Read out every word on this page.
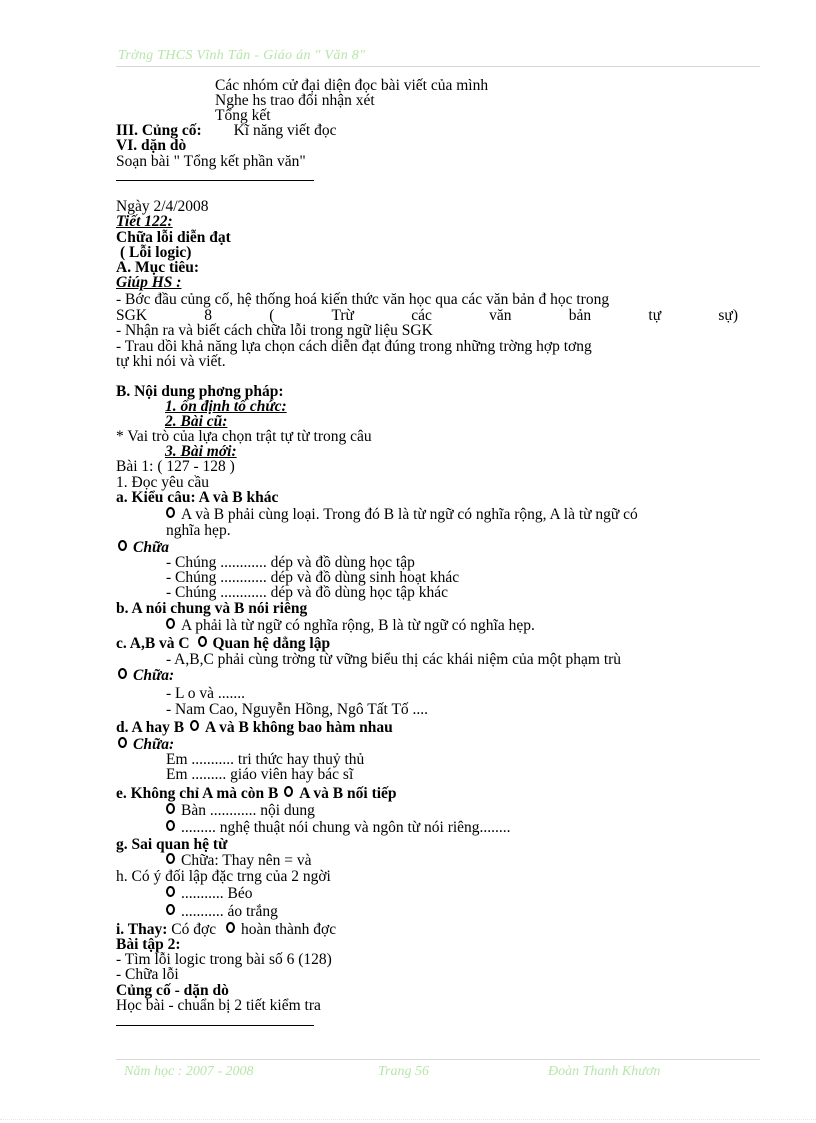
Trờng THCS Vĩnh Tân - Giáo án " Văn 8"
Các nhóm cử đại diện đọc bài viết của mình
Nghe hs trao đổi nhận xét
Tổng kết
III. Củng cố: Kĩ năng viết đọc
VI. dặn dò
Soạn bài " Tổng kết phần văn"
Ngày 2/4/2008
Tiết 122:
Chữa lỗi diễn đạt
( Lỗi logic)
A. Mục tiêu:
Giúp HS :
- Bớc đầu củng cố, hệ thống hoá kiến thức văn học qua các văn bản đ học trong
SGK 8 ( Trừ các văn bản tự sự)
- Nhận ra và biết cách chữa lỗi trong ngữ liệu SGK
- Trau dồi khả năng lựa chọn cách diễn đạt đúng trong những trờng hợp tơng
tự khi nói và viết.
B. Nội dung phơng pháp:
1. ổn định tổ chức:
2. Bài cũ:
* Vai trò của lựa chọn trật tự từ trong câu
3. Bài mới:
Bài 1: ( 127 - 128 )
1. Đọc yêu cầu
a. Kiểu câu: A và B khác
A và B phải cùng loại. Trong đó B là từ ngữ có nghĩa rộng, A là từ ngữ có
nghĩa hẹp.
Chữa
- Chúng ............ dép và đồ dùng học tập
- Chúng ............ dép và đồ dùng sinh hoạt khác
- Chúng ............ dép và đồ dùng học tập khác
b. A nói chung và B nói riêng
A phải là từ ngữ có nghĩa rộng, B là từ ngữ có nghĩa hẹp.
c. A,B và C Quan hệ dẳng lập
- A,B,C phải cùng trờng từ vững biểu thị các khái niệm của một phạm trù
Chữa:
- L o và .......
- Nam Cao, Nguyễn Hồng, Ngô Tất Tố ....
d. A hay B A và B không bao hàm nhau
Chữa:
Em ........... tri thức hay thuỷ thủ
Em ......... giáo viên hay bác sĩ
e. Không chỉ A mà còn B A và B nối tiếp
Bàn ............ nội dung
......... nghệ thuật nói chung và ngôn từ nói riêng........
g. Sai quan hệ từ
Chữa: Thay nên = và
h. Có ý đối lập đặc trng của 2 ngời
........... Béo
........... áo trắng
i. Thay: Có đợc hoàn thành đợc
Bài tập 2:
- Tìm lỗi logic trong bài số 6 (128)
- Chữa lỗi
Củng cố - dặn dò
Học bài - chuẩn bị 2 tiết kiểm tra
Năm học : 2007 - 2008	Trang 56	Đoàn Thanh Khươn
